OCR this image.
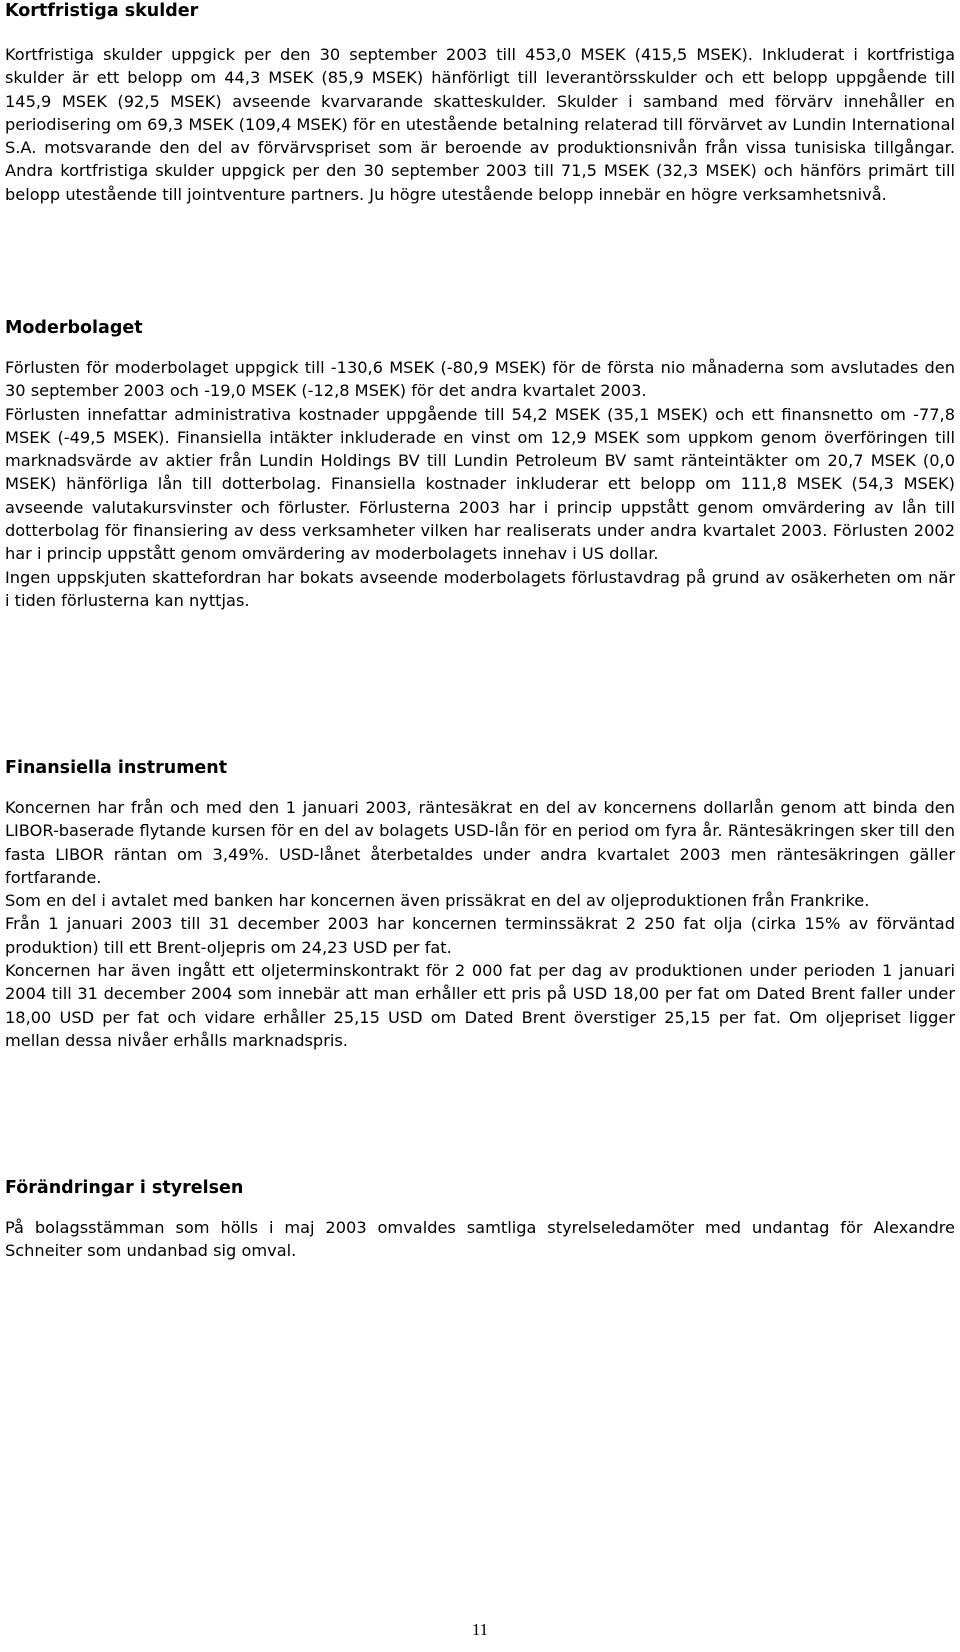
Kortfristiga skulder

Kortfristiga skulder uppgick per den 30 september 2003 till 453,0 MSEK (415,5 MSEK). Inkluderat i kortfristiga skulder är ett belopp om 44,3 MSEK (85,9 MSEK) hänförligt till leverantörsskulder och ett belopp uppgående till 145,9 MSEK (92,5 MSEK) avseende kvarvarande skatteskulder. Skulder i samband med förvärv innehåller en periodisering om 69,3 MSEK (109,4 MSEK) för en utestående betalning relaterad till förvärvet av Lundin International S.A. motsvarande den del av förvärvspriset som är beroende av produktionsnivån från vissa tunisiska tillgångar. Andra kortfristiga skulder uppgick per den 30 september 2003 till 71,5 MSEK (32,3 MSEK) och hänförs primärt till belopp utestående till jointventure partners. Ju högre utestående belopp innebär en högre verksamhetsnivå.

Moderbolaget

Förlusten för moderbolaget uppgick till -130,6 MSEK (-80,9 MSEK) för de första nio månaderna som avslutades den 30 september 2003 och -19,0 MSEK (-12,8 MSEK) för det andra kvartalet 2003.

Förlusten innefattar administrativa kostnader uppgående till 54,2 MSEK (35,1 MSEK) och ett finansnetto om -77,8 MSEK (-49,5 MSEK). Finansiella intäkter inkluderade en vinst om 12,9 MSEK som uppkom genom överföringen till marknadsvärde av aktier från Lundin Holdings BV till Lundin Petroleum BV samt ränteintäkter om 20,7 MSEK (0,0 MSEK) hänförliga lån till dotterbolag. Finansiella kostnader inkluderar ett belopp om 111,8 MSEK (54,3 MSEK) avseende valutakursvinster och förluster. Förlusterna 2003 har i princip uppstått genom omvärdering av lån till dotterbolag för finansiering av dess verksamheter vilken har realiserats under andra kvartalet 2003. Förlusten 2002 har i princip uppstått genom omvärdering av moderbolagets innehav i US dollar.

Ingen uppskjuten skattefordran har bokats avseende moderbolagets förlustavdrag på grund av osäkerheten om när i tiden förlusterna kan nyttjas.

Finansiella instrument

Koncernen har från och med den 1 januari 2003, räntesäkrat en del av koncernens dollarlån genom att binda den LIBOR-baserade flytande kursen för en del av bolagets USD-lån för en period om fyra år. Räntesäkringen sker till den fasta LIBOR räntan om 3,49%. USD-lånet återbetaldes under andra kvartalet 2003 men räntesäkringen gäller fortfarande.

Som en del i avtalet med banken har koncernen även prissäkrat en del av oljeproduktionen från Frankrike.

Från 1 januari 2003 till 31 december 2003 har koncernen terminssäkrat 2 250 fat olja (cirka 15% av förväntad produktion) till ett Brent-oljepris om 24,23 USD per fat.

Koncernen har även ingått ett oljeterminskontrakt för 2 000 fat per dag av produktionen under perioden 1 januari 2004 till 31 december 2004 som innebär att man erhåller ett pris på USD 18,00 per fat om Dated Brent faller under 18,00 USD per fat och vidare erhåller 25,15 USD om Dated Brent överstiger 25,15 per fat. Om oljepriset ligger mellan dessa nivåer erhålls marknadspris.

Förändringar i styrelsen

På bolagsstämman som hölls i maj 2003 omvaldes samtliga styrelseledamöter med undantag för Alexandre Schneiter som undanbad sig omval.

11
